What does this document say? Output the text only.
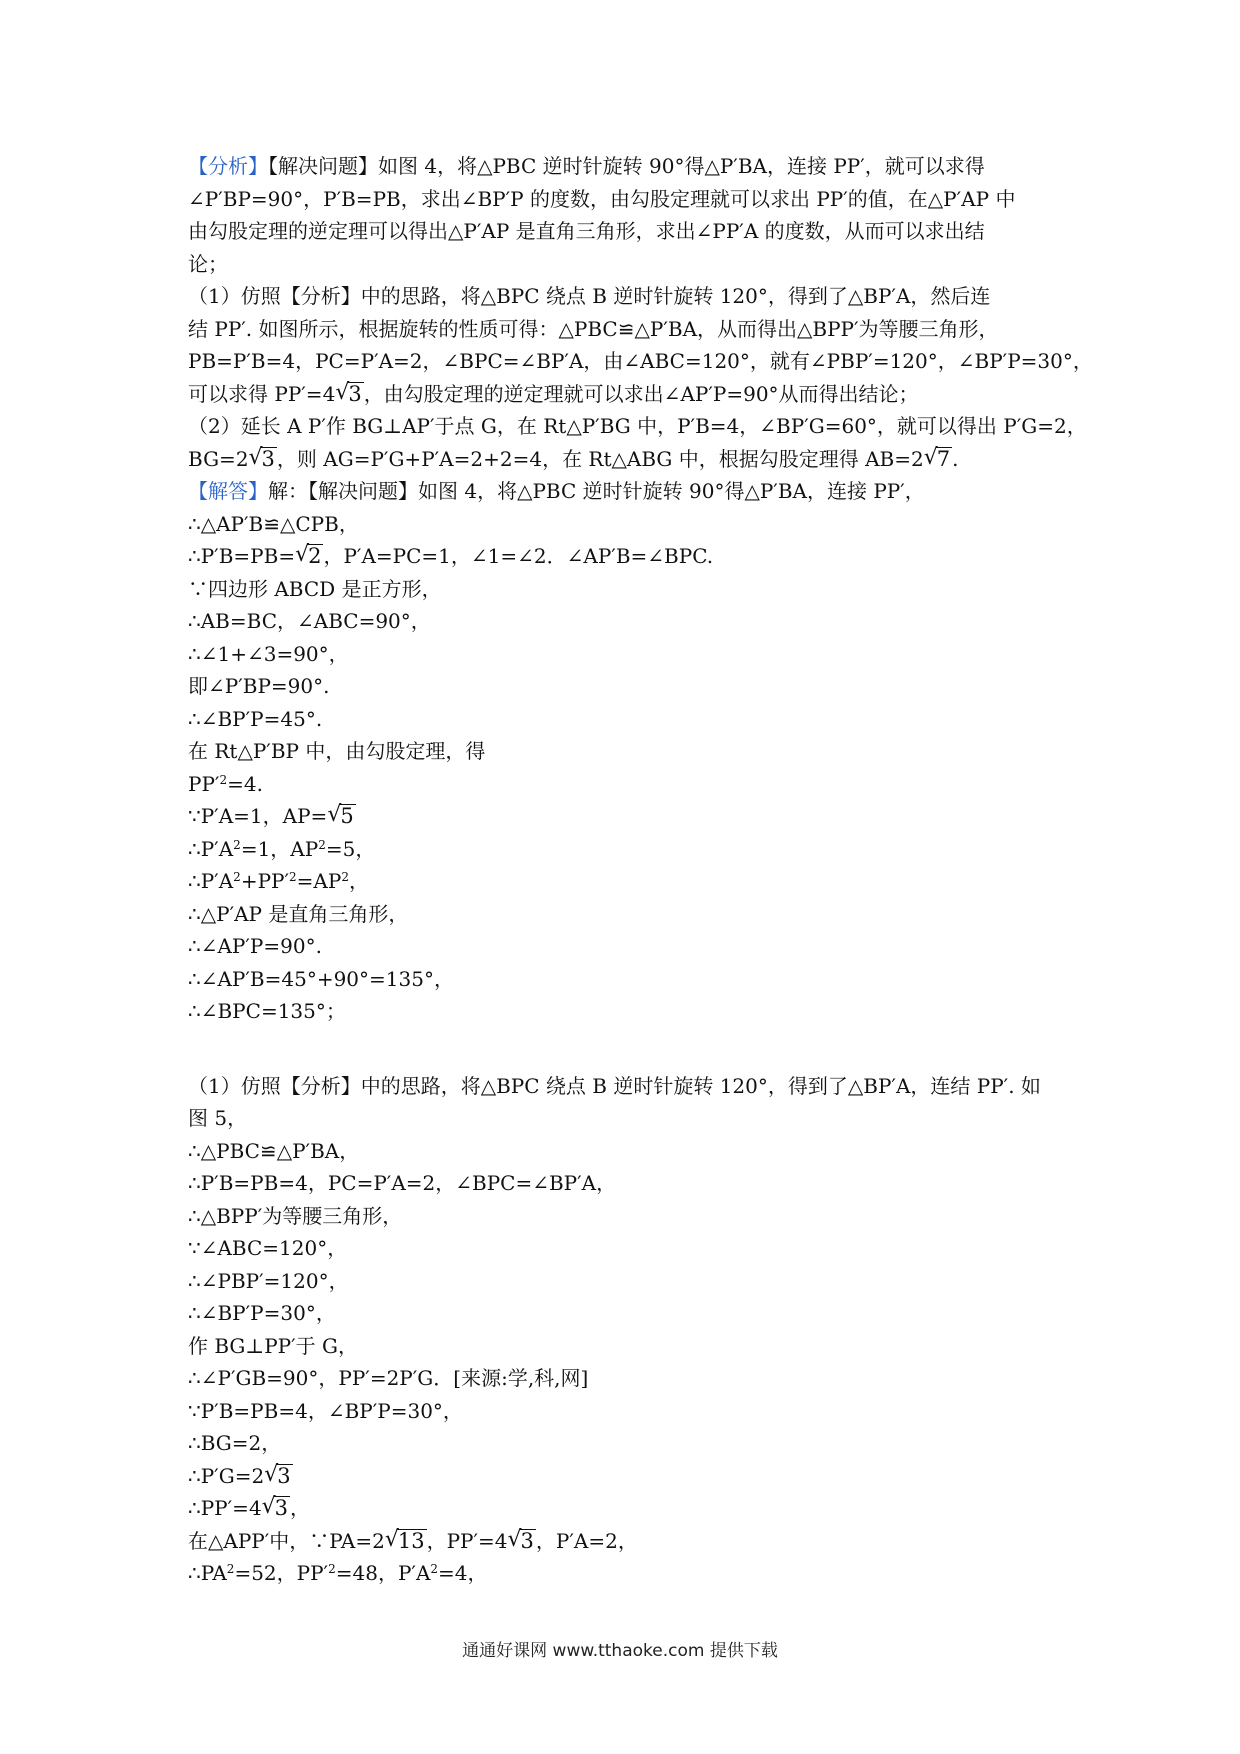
【分析】【解决问题】如图 4，将△PBC 逆时针旋转 90°得△P′BA，连接 PP′，就可以求得
∠P′BP=90°，P′B=PB，求出∠BP′P 的度数，由勾股定理就可以求出 PP′的值，在△P′AP 中
由勾股定理的逆定理可以得出△P′AP 是直角三角形，求出∠PP′A 的度数，从而可以求出结
论；
（1）仿照【分析】中的思路，将△BPC 绕点 B 逆时针旋转 120°，得到了△BP′A，然后连
结 PP′. 如图所示，根据旋转的性质可得：△PBC≌△P′BA，从而得出△BPP′为等腰三角形，
PB=P′B=4，PC=P′A=2，∠BPC=∠BP′A，由∠ABC=120°，就有∠PBP′=120°，∠BP′P=30°，
可以求得 PP′=4 √ 3 ，由勾股定理的逆定理就可以求出∠AP′P=90°从而得出结论；
（2）延长 A P′作 BG⊥AP′于点 G，在 Rt△P′BG 中，P′B=4，∠BP′G=60°，就可以得出 P′G=2，
BG=2 √ 3 ，则 AG=P′G+P′A=2+2=4，在 Rt△ABG 中，根据勾股定理得 AB=2 √ 7 .
【解答】解：【解决问题】如图 4，将△PBC 逆时针旋转 90°得△P′BA，连接 PP′，
∴△AP′B≌△CPB，
∴P′B=PB= √ 2 ，P′A=PC=1，∠1=∠2．∠AP′B=∠BPC.
∵四边形 ABCD 是正方形，
∴AB=BC，∠ABC=90°，
∴∠1+∠3=90°，
即∠P′BP=90°.
∴∠BP′P=45°.
在 Rt△P′BP 中，由勾股定理，得
$PP'^2=4$.
∵P′A=1，AP= √ 5
$\therefore P'A^2=1$，$AP^2=5$，
$\therefore P'A^2+PP'^2=AP^2$，
∴△P′AP 是直角三角形，
∴∠AP′P=90°.
∴∠AP′B=45°+90°=135°，
∴∠BPC=135°；
（1）仿照【分析】中的思路，将△BPC 绕点 B 逆时针旋转 120°，得到了△BP′A，连结 PP′. 如
图 5，
∴△PBC≌△P′BA，
∴P′B=PB=4，PC=P′A=2，∠BPC=∠BP′A，
∴△BPP′为等腰三角形，
∵∠ABC=120°，
∴∠PBP′=120°，
∴∠BP′P=30°，
作 BG⊥PP′于 G，
∴∠P′GB=90°，PP′=2P′G．[来源:学,科,网]
∵P′B=PB=4，∠BP′P=30°，
∴BG=2，
∴P′G=2 √ 3
∴PP′=4 √ 3 ，
在△APP′中，∵PA=2 √ 13 ，PP′=4 √ 3 ，P′A=2，
$\therefore PA^2=52$，$PP'^2=48$，$P'A^2=4$，
通通好课网 www.tthaoke.com 提供下载
